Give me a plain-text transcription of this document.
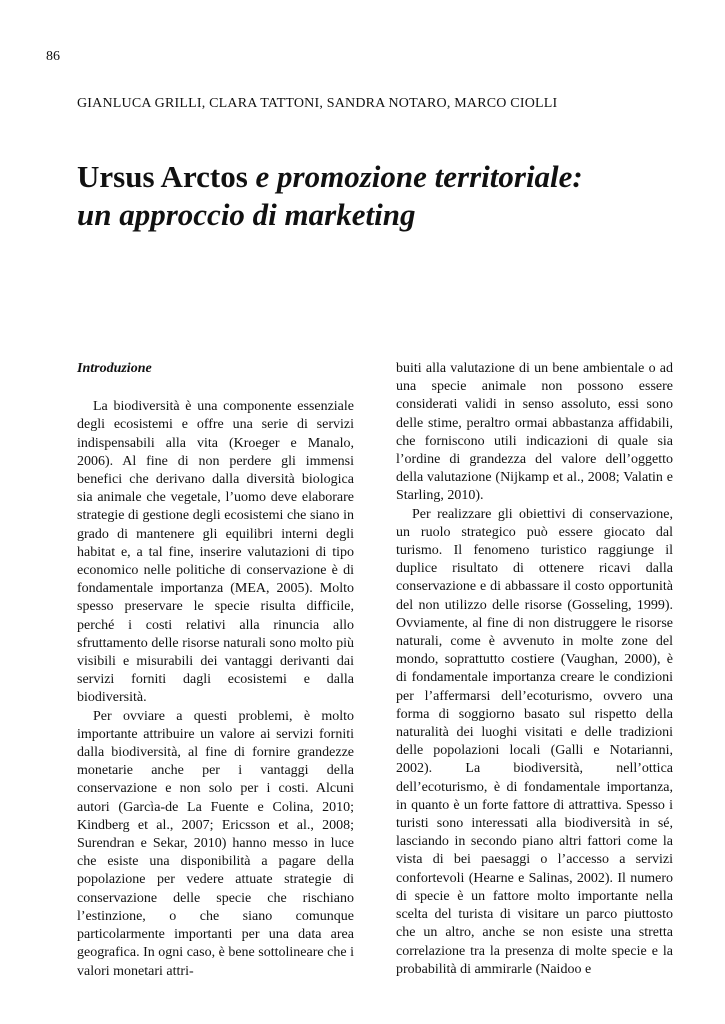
86
GIANLUCA GRILLI, CLARA TATTONI, SANDRA NOTARO, MARCO CIOLLI
Ursus Arctos e promozione territoriale:
un approccio di marketing
Introduzione

La biodiversità è una componente essenziale degli ecosistemi e offre una serie di servizi indispensabili alla vita (Kroeger e Manalo, 2006). Al fine di non perdere gli immensi benefici che derivano dalla diversità biologica sia animale che vegetale, l’uomo deve elaborare strategie di gestione degli ecosistemi che siano in grado di mantenere gli equilibri interni degli habitat e, a tal fine, inserire valutazioni di tipo economico nelle politiche di conservazione è di fondamentale importanza (MEA, 2005). Molto spesso preservare le specie risulta difficile, perché i costi relativi alla rinuncia allo sfruttamento delle risorse naturali sono molto più visibili e misurabili dei vantaggi derivanti dai servizi forniti dagli ecosistemi e dalla biodiversità.

Per ovviare a questi problemi, è molto importante attribuire un valore ai servizi forniti dalla biodiversità, al fine di fornire grandezze monetarie anche per i vantaggi della conservazione e non solo per i costi. Alcuni autori (Garcìa-de La Fuente e Colina, 2010; Kindberg et al., 2007; Ericsson et al., 2008; Surendran e Sekar, 2010) hanno messo in luce che esiste una disponibilità a pagare della popolazione per vedere attuate strategie di conservazione delle specie che rischiano l’estinzione, o che siano comunque particolarmente importanti per una data area geografica. In ogni caso, è bene sottolineare che i valori monetari attri-

buiti alla valutazione di un bene ambientale o ad una specie animale non possono essere considerati validi in senso assoluto, essi sono delle stime, peraltro ormai abbastanza affidabili, che forniscono utili indicazioni di quale sia l’ordine di grandezza del valore dell’oggetto della valutazione (Nijkamp et al., 2008; Valatin e Starling, 2010).

Per realizzare gli obiettivi di conservazione, un ruolo strategico può essere giocato dal turismo. Il fenomeno turistico raggiunge il duplice risultato di ottenere ricavi dalla conservazione e di abbassare il costo opportunità del non utilizzo delle risorse (Gosseling, 1999). Ovviamente, al fine di non distruggere le risorse naturali, come è avvenuto in molte zone del mondo, soprattutto costiere (Vaughan, 2000), è di fondamentale importanza creare le condizioni per l’affermarsi dell’ecoturismo, ovvero una forma di soggiorno basato sul rispetto della naturalità dei luoghi visitati e delle tradizioni delle popolazioni locali (Galli e Notarianni, 2002). La biodiversità, nell’ottica dell’ecoturismo, è di fondamentale importanza, in quanto è un forte fattore di attrattiva. Spesso i turisti sono interessati alla biodiversità in sé, lasciando in secondo piano altri fattori come la vista di bei paesaggi o l’accesso a servizi confortevoli (Hearne e Salinas, 2002). Il numero di specie è un fattore molto importante nella scelta del turista di visitare un parco piuttosto che un altro, anche se non esiste una stretta correlazione tra la presenza di molte specie e la probabilità di ammirarle (Naidoo e
